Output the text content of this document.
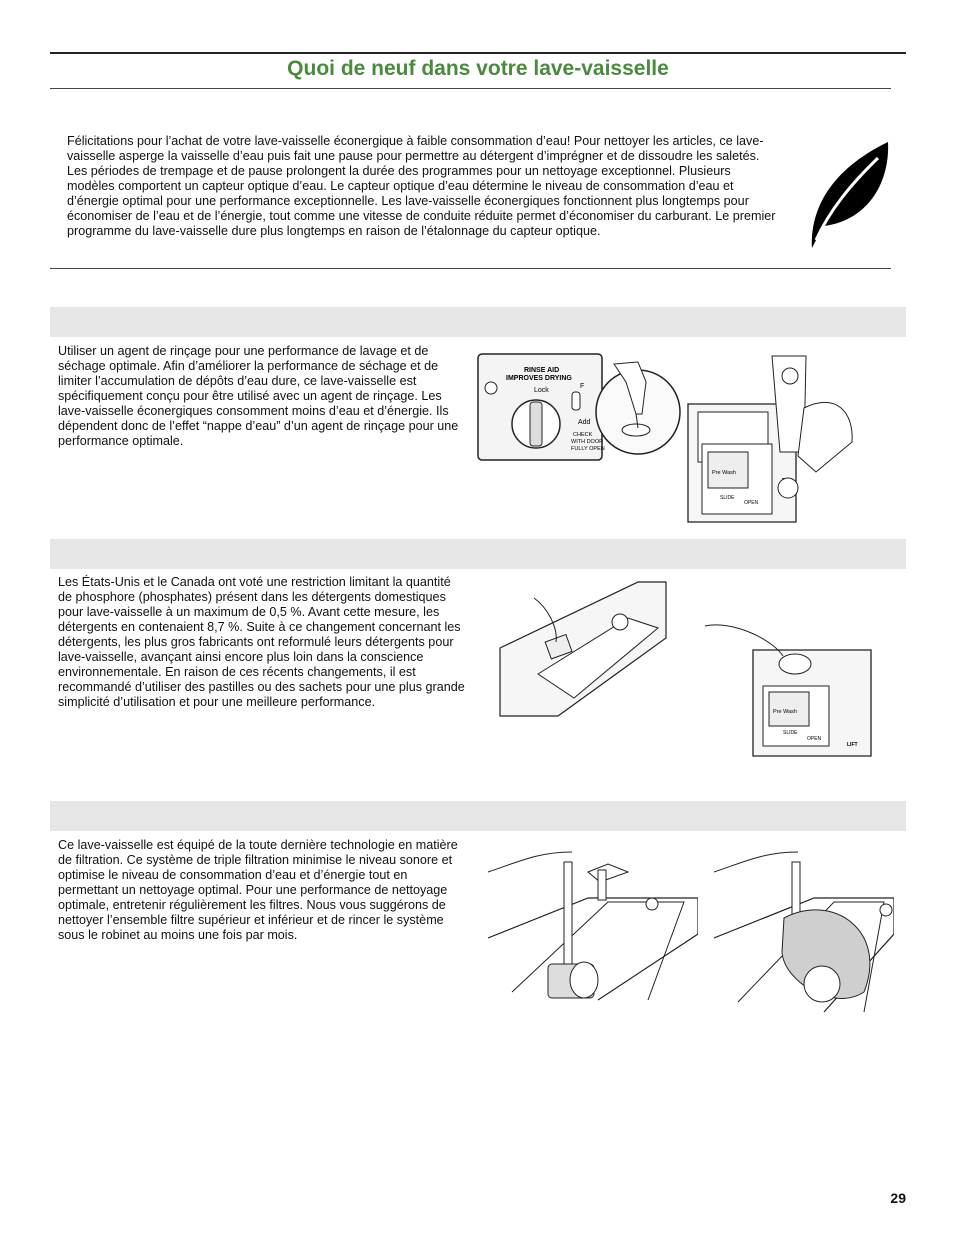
Quoi de neuf dans votre lave-vaisselle
Félicitations pour l’achat de votre lave-vaisselle éconergique à faible consommation d’eau! Pour nettoyer les articles, ce lave-vaisselle asperge la vaisselle d’eau puis fait une pause pour permettre au détergent d’imprégner et de dissoudre les saletés. Les périodes de trempage et de pause prolongent la durée des programmes pour un nettoyage exceptionnel. Plusieurs modèles comportent un capteur optique d’eau. Le capteur optique d’eau détermine le niveau de consommation d’eau et d’énergie optimal pour une performance exceptionnelle. Les lave-vaisselle éconergiques fonctionnent plus longtemps pour économiser de l’eau et de l’énergie, tout comme une vitesse de conduite réduite permet d’économiser du carburant. Le premier programme du lave-vaisselle dure plus longtemps en raison de l’étalonnage du capteur optique.
Utiliser un agent de rinçage pour une performance de lavage et de séchage optimale. Afin d’améliorer la performance de séchage et de limiter l’accumulation de dépôts d’eau dure, ce lave-vaisselle est spécifiquement conçu pour être utilisé avec un agent de rinçage. Les lave-vaisselle éconergiques consomment moins d’eau et d’énergie. Ils dépendent donc de l’effet “nappe d’eau” d’un agent de rinçage pour une performance optimale.
RINSE AID
IMPROVES DRYING
Lock
Add
F
CHECK
WITH DOOR
FULLY OPEN
Pre Wash
SLIDE
OPEN
Les États-Unis et le Canada ont voté une restriction limitant la quantité de phosphore (phosphates) présent dans les détergents domestiques pour lave-vaisselle à un maximum de 0,5 %. Avant cette mesure, les détergents en contenaient 8,7 %. Suite à ce changement concernant les détergents, les plus gros fabricants ont reformulé leurs détergents pour lave-vaisselle, avançant ainsi encore plus loin dans la conscience environnementale. En raison de ces récents changements, il est recommandé d’utiliser des pastilles ou des sachets pour une plus grande simplicité d’utilisation et pour une meilleure performance.
Pre Wash
SLIDE
OPEN
LIFT
Ce lave-vaisselle est équipé de la toute dernière technologie en matière de filtration. Ce système de triple filtration minimise le niveau sonore et optimise le niveau de consommation d’eau et d’énergie tout en permettant un nettoyage optimal. Pour une performance de nettoyage optimale, entretenir régulièrement les filtres. Nous vous suggérons de nettoyer l’ensemble filtre supérieur et inférieur et de rincer le système sous le robinet au moins une fois par mois.
29
